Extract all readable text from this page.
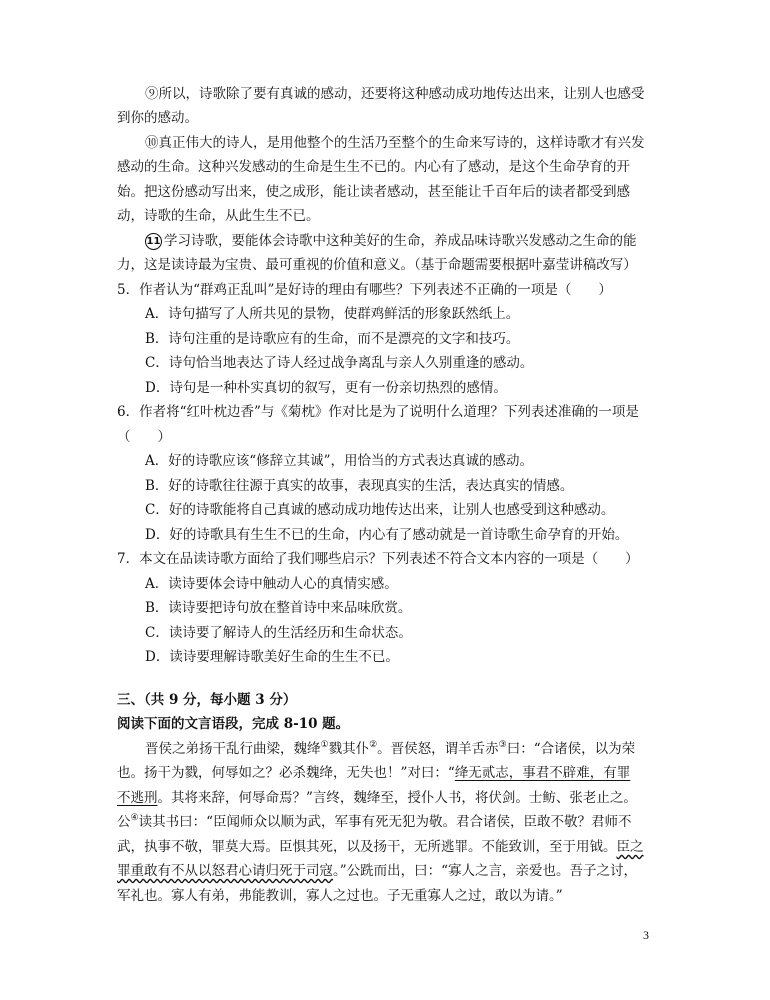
⑨所以，诗歌除了要有真诚的感动，还要将这种感动成功地传达出来，让别人也感受
到你的感动。
⑩真正伟大的诗人，是用他整个的生活乃至整个的生命来写诗的，这样诗歌才有兴发
感动的生命。这种兴发感动的生命是生生不已的。内心有了感动，是这个生命孕育的开
始。把这份感动写出来，使之成形，能让读者感动，甚至能让千百年后的读者都受到感
动，诗歌的生命，从此生生不已。
11 学习诗歌，要能体会诗歌中这种美好的生命，养成品味诗歌兴发感动之生命的能
力，这是读诗最为宝贵、最可重视的价值和意义。（基于命题需要根据叶嘉莹讲稿改写）
5．作者认为“群鸡正乱叫”是好诗的理由有哪些？下列表述不正确的一项是（　　）
A．诗句描写了人所共见的景物，使群鸡鲜活的形象跃然纸上。
B．诗句注重的是诗歌应有的生命，而不是漂亮的文字和技巧。
C．诗句恰当地表达了诗人经过战争离乱与亲人久别重逢的感动。
D．诗句是一种朴实真切的叙写，更有一份亲切热烈的感情。
6．作者将“红叶枕边香”与《菊枕》作对比是为了说明什么道理？下列表述准确的一项是
（　　）
A．好的诗歌应该“修辞立其诚”，用恰当的方式表达真诚的感动。
B．好的诗歌往往源于真实的故事，表现真实的生活，表达真实的情感。
C．好的诗歌能将自己真诚的感动成功地传达出来，让别人也感受到这种感动。
D．好的诗歌具有生生不已的生命，内心有了感动就是一首诗歌生命孕育的开始。
7．本文在品读诗歌方面给了我们哪些启示？下列表述不符合文本内容的一项是（　　）
A．读诗要体会诗中触动人心的真情实感。
B．读诗要把诗句放在整首诗中来品味欣赏。
C．读诗要了解诗人的生活经历和生命状态。
D．读诗要理解诗歌美好生命的生生不已。
三、（共 9 分，每小题 3 分）
阅读下面的文言语段，完成 8-10 题。
晋侯之弟扬干乱行曲梁，魏绛①戮其仆②。晋侯怒，谓羊舌赤③曰：“合诸侯，以为荣
也。扬干为戮，何辱如之？必杀魏绛，无失也！”对曰：“绛无贰志，事君不辟难，有罪
不逃刑。其将来辞，何辱命焉？”言终，魏绛至，授仆人书，将伏剑。士鲂、张老止之。
公④读其书曰：“臣闻师众以顺为武，军事有死无犯为敬。君合诸侯，臣敢不敬？君师不
武，执事不敬，罪莫大焉。臣惧其死，以及扬干，无所逃罪。不能致训，至于用钺。臣之
罪重敢有不从以怒君心请归死于司寇。”公跣而出，曰：“寡人之言，亲爱也。吾子之讨，
军礼也。寡人有弟，弗能教训，寡人之过也。子无重寡人之过，敢以为请。”
3
